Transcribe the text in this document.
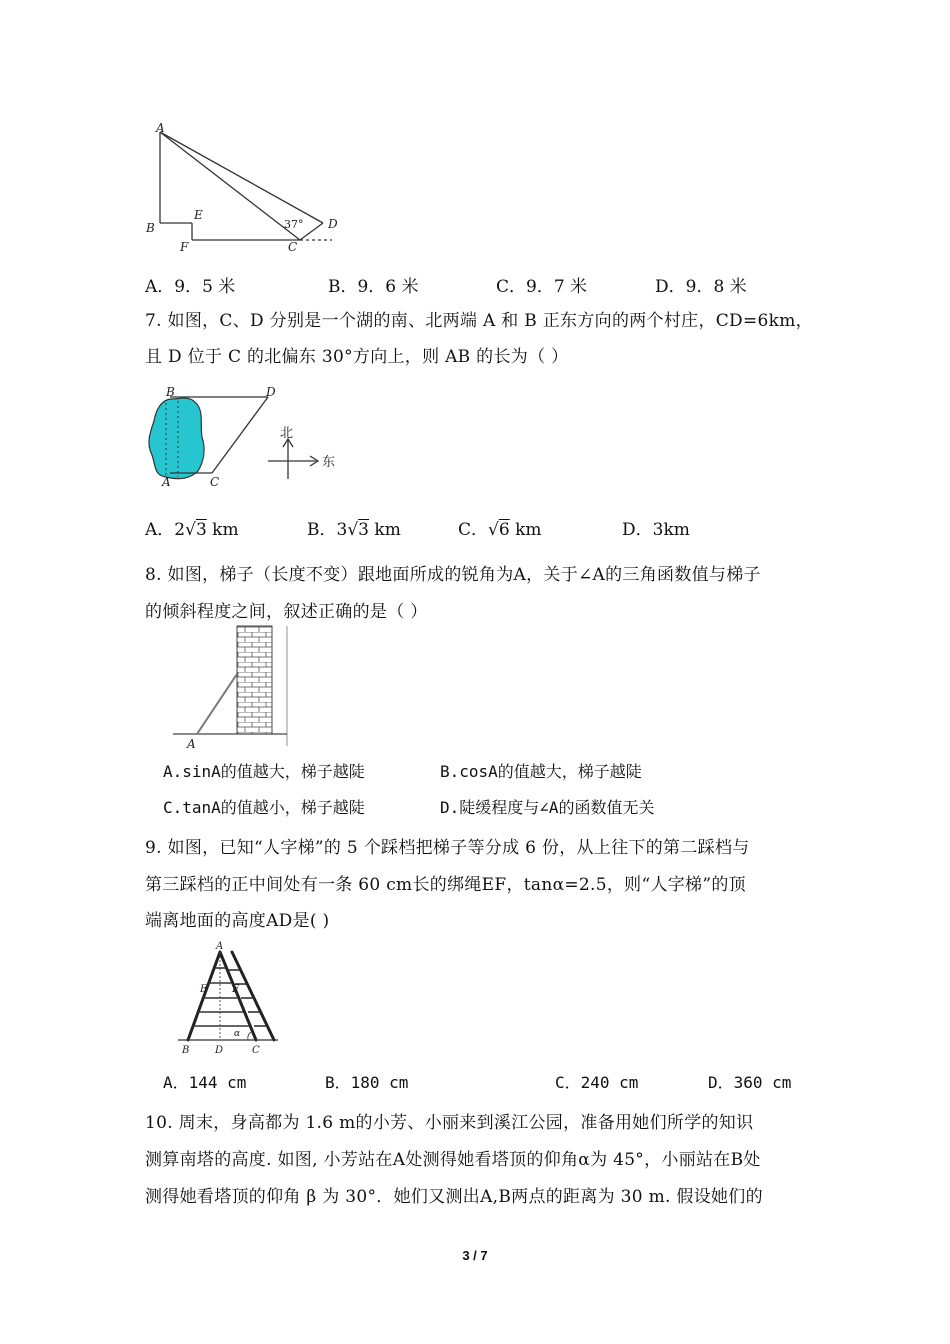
A
B
E
F	C
D
37°
A．9．5 米	B．9．6 米	C．9．7 米	D．9．8 米
7. 如图，C、D 分别是一个湖的南、北两端 A 和 B 正东方向的两个村庄，CD=6km，
且 D 位于 C 的北偏东 30°方向上，则 AB 的长为（ ）
B	D
A	C
北
东
A．2√3 km	B．3√3 km	C．√6 km	D．3km
8. 如图，梯子（长度不变）跟地面所成的锐角为A，关于∠A的三角函数值与梯子
的倾斜程度之间，叙述正确的是（ ）
A
A.sinA的值越大，梯子越陡	B.cosA的值越大，梯子越陡
C.tanA的值越小，梯子越陡	D.陡缓程度与∠A的函数值无关
9. 如图，已知“人字梯”的 5 个踩档把梯子等分成 6 份，从上往下的第二踩档与
第三踩档的正中间处有一条 60 cm长的绑绳EF，tanα=2.5，则“人字梯”的顶
端离地面的高度AD是( )
A
E F
B	D	C
α
A．144 cm	B．180 cm	C．240 cm	D．360 cm
10. 周末，身高都为 1.6 m的小芳、小丽来到溪江公园，准备用她们所学的知识
测算南塔的高度. 如图, 小芳站在A处测得她看塔顶的仰角α为 45°，小丽站在B处
测得她看塔顶的仰角 β 为 30°．她们又测出A,B两点的距离为 30 m. 假设她们的
3 / 7
